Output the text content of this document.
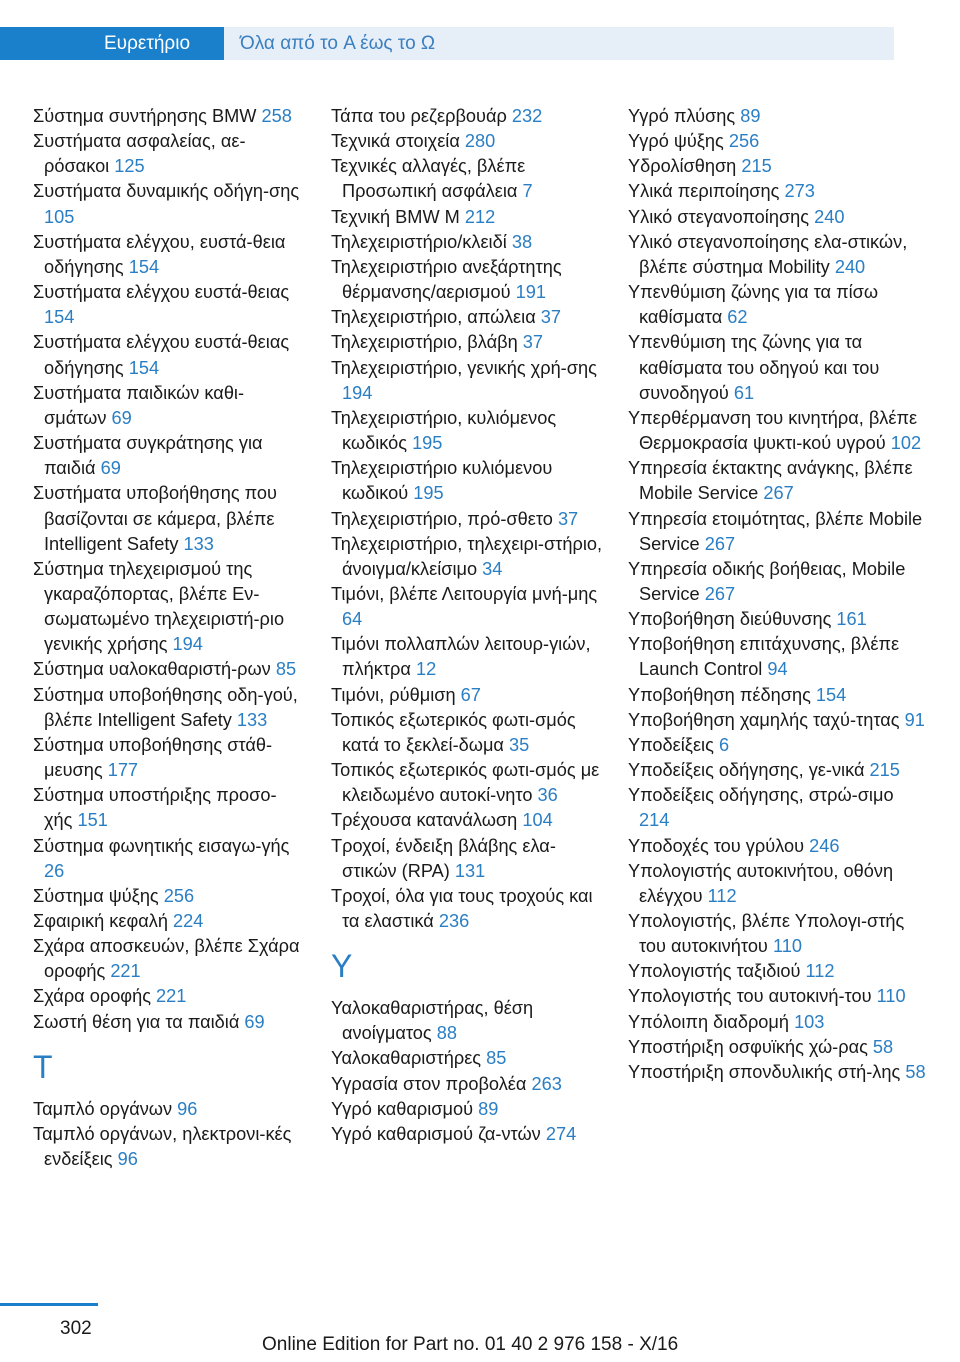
Ευρετήριο	Όλα από το A έως το Ω
Σύστημα συντήρησης BMW 258
Συστήματα ασφαλείας, αε‐ρόσακοι 125
Συστήματα δυναμικής οδήγη‐σης 105
Συστήματα ελέγχου, ευστά‐θεια οδήγησης 154
Συστήματα ελέγχου ευστά‐θειας 154
Συστήματα ελέγχου ευστά‐θειας οδήγησης 154
Συστήματα παιδικών καθι‐σμάτων 69
Συστήματα συγκράτησης για παιδιά 69
Συστήματα υποβοήθησης που βασίζονται σε κάμερα, βλέπε Intelligent Safety 133
Σύστημα τηλεχειρισμού της γκαραζόπορτας, βλέπε Εν‐σωματωμένο τηλεχειριστή‐ριο γενικής χρήσης 194
Σύστημα υαλοκαθαριστή‐ρων 85
Σύστημα υποβοήθησης οδη‐γού, βλέπε Intelligent Safety 133
Σύστημα υποβοήθησης στάθ‐μευσης 177
Σύστημα υποστήριξης προσο‐χής 151
Σύστημα φωνητικής εισαγω‐γής 26
Σύστημα ψύξης 256
Σφαιρική κεφαλή 224
Σχάρα αποσκευών, βλέπε Σχάρα οροφής 221
Σχάρα οροφής 221
Σωστή θέση για τα παιδιά 69
T
Ταμπλό οργάνων 96
Ταμπλό οργάνων, ηλεκτρονι‐κές ενδείξεις 96
Τάπα του ρεζερβουάρ 232
Τεχνικά στοιχεία 280
Τεχνικές αλλαγές, βλέπε Προσωπική ασφάλεια 7
Τεχνική BMW M 212
Τηλεχειριστήριο/κλειδί 38
Τηλεχειριστήριο ανεξάρτητης θέρμανσης/αερισμού 191
Τηλεχειριστήριο, απώλεια 37
Τηλεχειριστήριο, βλάβη 37
Τηλεχειριστήριο, γενικής χρή‐σης 194
Τηλεχειριστήριο, κυλιόμενος κωδικός 195
Τηλεχειριστήριο κυλιόμενου κωδικού 195
Τηλεχειριστήριο, πρό‐σθετο 37
Τηλεχειριστήριο, τηλεχειρι‐στήριο, άνοιγμα/κλείσιμο 34
Τιμόνι, βλέπε Λειτουργία μνή‐μης 64
Τιμόνι πολλαπλών λειτουρ‐γιών, πλήκτρα 12
Τιμόνι, ρύθμιση 67
Τοπικός εξωτερικός φωτι‐σμός κατά το ξεκλεί‐δωμα 35
Τοπικός εξωτερικός φωτι‐σμός με κλειδωμένο αυτοκί‐νητο 36
Τρέχουσα κατανάλωση 104
Τροχοί, ένδειξη βλάβης ελα‐στικών (RPA) 131
Τροχοί, όλα για τους τροχούς και τα ελαστικά 236
Y
Υαλοκαθαριστήρας, θέση ανοίγματος 88
Υαλοκαθαριστήρες 85
Υγρασία στον προβολέα 263
Υγρό καθαρισμού 89
Υγρό καθαρισμού ζα‐ντών 274
Υγρό πλύσης 89
Υγρό ψύξης 256
Υδρολίσθηση 215
Υλικά περιποίησης 273
Υλικό στεγανοποίησης 240
Υλικό στεγανοποίησης ελα‐στικών, βλέπε σύστημα Mobility 240
Υπενθύμιση ζώνης για τα πίσω καθίσματα 62
Υπενθύμιση της ζώνης για τα καθίσματα του οδηγού και του συνοδηγού 61
Υπερθέρμανση του κινητήρα, βλέπε Θερμοκρασία ψυκτι‐κού υγρού 102
Υπηρεσία έκτακτης ανάγκης, βλέπε Mobile Service 267
Υπηρεσία ετοιμότητας, βλέπε Mobile Service 267
Υπηρεσία οδικής βοήθειας, Mobile Service 267
Υποβοήθηση διεύθυνσης 161
Υποβοήθηση επιτάχυνσης, βλέπε Launch Control 94
Υποβοήθηση πέδησης 154
Υποβοήθηση χαμηλής ταχύ‐τητας 91
Υποδείξεις 6
Υποδείξεις οδήγησης, γε‐νικά 215
Υποδείξεις οδήγησης, στρώ‐σιμο 214
Υποδοχές του γρύλου 246
Υπολογιστής αυτοκινήτου, οθόνη ελέγχου 112
Υπολογιστής, βλέπε Υπολογι‐στής του αυτοκινήτου 110
Υπολογιστής ταξιδιού 112
Υπολογιστής του αυτοκινή‐του 110
Υπόλοιπη διαδρομή 103
Υποστήριξη οσφυϊκής χώ‐ρας 58
Υποστήριξη σπονδυλικής στή‐λης 58
302
Online Edition for Part no. 01 40 2 976 158 - X/16
